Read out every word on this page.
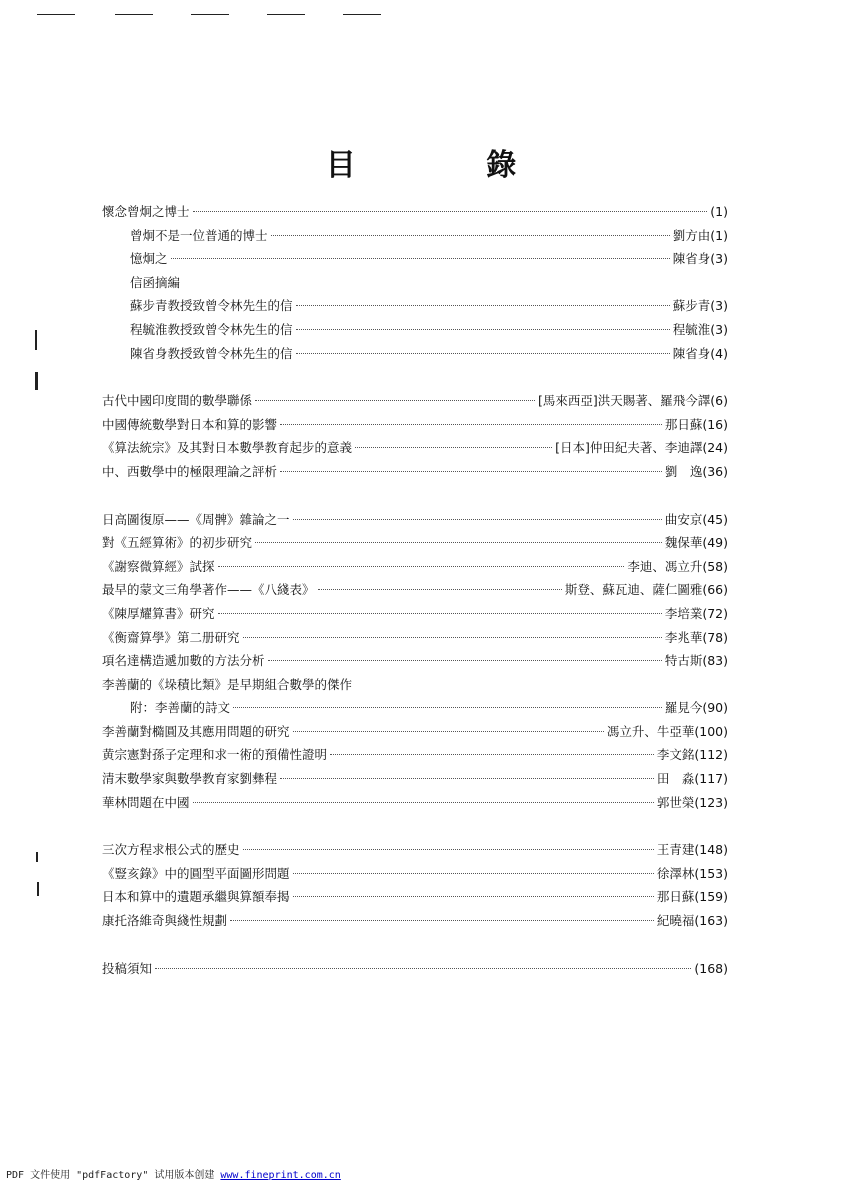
目 錄
懷念曾炯之博士	(1)
曾炯不是一位普通的博士	劉方由 (1)
憶炯之	陳省身 (3)
信函摘編
蘇步青教授致曾令林先生的信	蘇步青 (3)
程毓淮教授致曾令林先生的信	程毓淮 (3)
陳省身教授致曾令林先生的信	陳省身 (4)
古代中國印度間的數學聯係	[馬來西亞]洪天賜著、羅飛今譯 (6)
中國傳統數學對日本和算的影響	那日蘇 (16)
《算法統宗》及其對日本數學教育起步的意義	[日本]仲田紀夫著、李迪譯 (24)
中、西數學中的極限理論之評析	劉　逸 (36)
日高圖復原——《周髀》雜論之一	曲安京 (45)
對《五經算術》的初步研究	魏保華 (49)
《謝察微算經》試探	李迪、馮立升 (58)
最早的蒙文三角學著作——《八綫表》	斯登、蘇瓦迪、薩仁圖雅 (66)
《陳厚耀算書》研究	李培業 (72)
《衡齋算學》第二册研究	李兆華 (78)
項名達構造遞加數的方法分析	特古斯 (83)
李善蘭的《垛積比類》是早期組合數學的傑作
附：李善蘭的詩文	羅見今 (90)
李善蘭對橢圓及其應用問題的研究	馮立升、牛亞華 (100)
黄宗憲對孫子定理和求一術的預備性證明	李文銘 (112)
清末數學家與數學教育家劉彝程	田　淼 (117)
華林問題在中國	郭世榮 (123)
三次方程求根公式的歷史	王青建 (148)
《豎亥錄》中的圓型平面圖形問題	徐澤林 (153)
日本和算中的遺題承繼與算額奉揭	那日蘇 (159)
康托洛維奇與綫性規劃	紀曉福 (163)
投稿須知	(168)
PDF 文件使用 "pdfFactory" 试用版本创建 www.fineprint.com.cn
